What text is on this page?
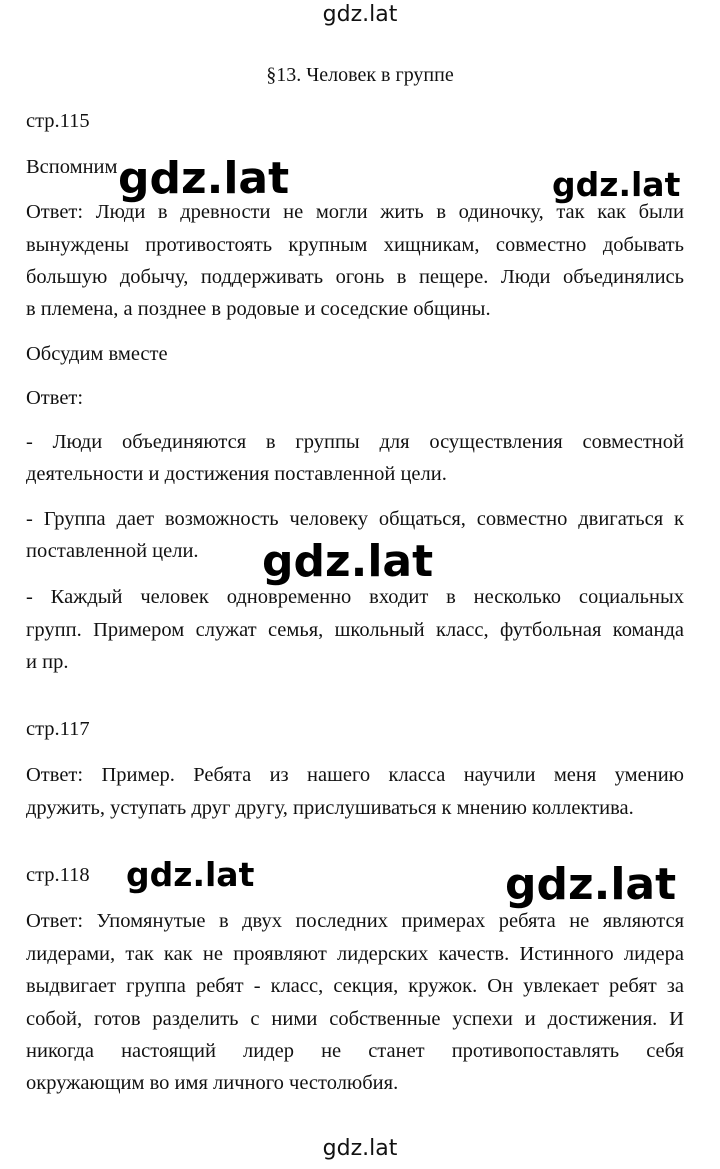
gdz.lat
§13. Человек в группе
стр.115
Вспомним
Ответ: Люди в древности не могли жить в одиночку, так как были
вынуждены противостоять крупным хищникам, совместно добывать
большую добычу, поддерживать огонь в пещере. Люди объединялись
в племена, а позднее в родовые и соседские общины.
Обсудим вместе
Ответ:
- Люди объединяются в группы для осуществления совместной
деятельности и достижения поставленной цели.
- Группа дает возможность человеку общаться, совместно двигаться к
поставленной цели.
- Каждый человек одновременно входит в несколько социальных
групп. Примером служат семья, школьный класс, футбольная команда
и пр.
стр.117
Ответ: Пример. Ребята из нашего класса научили меня умению
дружить, уступать друг другу, прислушиваться к мнению коллектива.
стр.118
Ответ: Упомянутые в двух последних примерах ребята не являются
лидерами, так как не проявляют лидерских качеств. Истинного лидера
выдвигает группа ребят - класс, секция, кружок. Он увлекает ребят за
собой, готов разделить с ними собственные успехи и достижения. И
никогда настоящий лидер не станет противопоставлять себя
окружающим во имя личного честолюбия.
gdz.lat	gdz.lat
gdz.lat
gdz.lat	gdz.lat
gdz.lat
